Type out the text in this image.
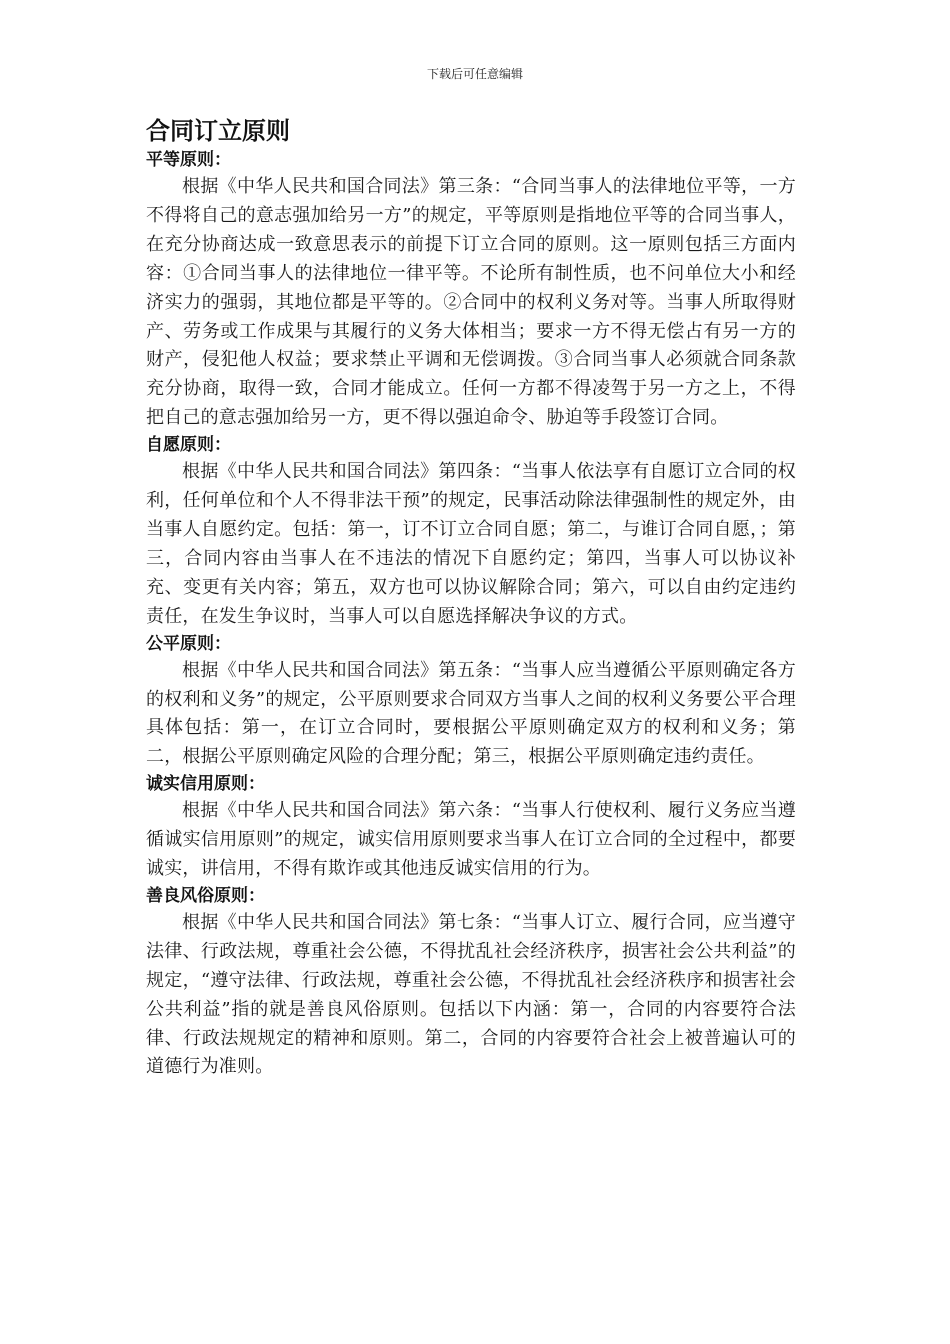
下载后可任意编辑
合同订立原则
平等原则：

根据《中华人民共和国合同法》第三条：“合同当事人的法律地位平等，一方不得将自己的意志强加给另一方”的规定，平等原则是指地位平等的合同当事人，在充分协商达成一致意思表示的前提下订立合同的原则。这一原则包括三方面内容：①合同当事人的法律地位一律平等。不论所有制性质，也不问单位大小和经济实力的强弱，其地位都是平等的。②合同中的权利义务对等。当事人所取得财产、劳务或工作成果与其履行的义务大体相当；要求一方不得无偿占有另一方的财产，侵犯他人权益；要求禁止平调和无偿调拨。③合同当事人必须就合同条款充分协商，取得一致，合同才能成立。任何一方都不得凌驾于另一方之上，不得把自己的意志强加给另一方，更不得以强迫命令、胁迫等手段签订合同。

自愿原则：

根据《中华人民共和国合同法》第四条：“当事人依法享有自愿订立合同的权利，任何单位和个人不得非法干预”的规定，民事活动除法律强制性的规定外，由当事人自愿约定。包括：第一，订不订立合同自愿；第二，与谁订合同自愿，；第三，合同内容由当事人在不违法的情况下自愿约定；第四，当事人可以协议补充、变更有关内容；第五，双方也可以协议解除合同；第六，可以自由约定违约责任，在发生争议时，当事人可以自愿选择解决争议的方式。

公平原则：

根据《中华人民共和国合同法》第五条：“当事人应当遵循公平原则确定各方的权利和义务”的规定，公平原则要求合同双方当事人之间的权利义务要公平合理具体包括：第一，在订立合同时，要根据公平原则确定双方的权利和义务；第二，根据公平原则确定风险的合理分配；第三，根据公平原则确定违约责任。

诚实信用原则：

根据《中华人民共和国合同法》第六条：“当事人行使权利、履行义务应当遵循诚实信用原则”的规定，诚实信用原则要求当事人在订立合同的全过程中，都要诚实，讲信用，不得有欺诈或其他违反诚实信用的行为。

善良风俗原则：

根据《中华人民共和国合同法》第七条：“当事人订立、履行合同，应当遵守法律、行政法规，尊重社会公德，不得扰乱社会经济秩序，损害社会公共利益”的规定，“遵守法律、行政法规，尊重社会公德，不得扰乱社会经济秩序和损害社会公共利益”指的就是善良风俗原则。包括以下内涵：第一，合同的内容要符合法律、行政法规规定的精神和原则。第二，合同的内容要符合社会上被普遍认可的道德行为准则。
